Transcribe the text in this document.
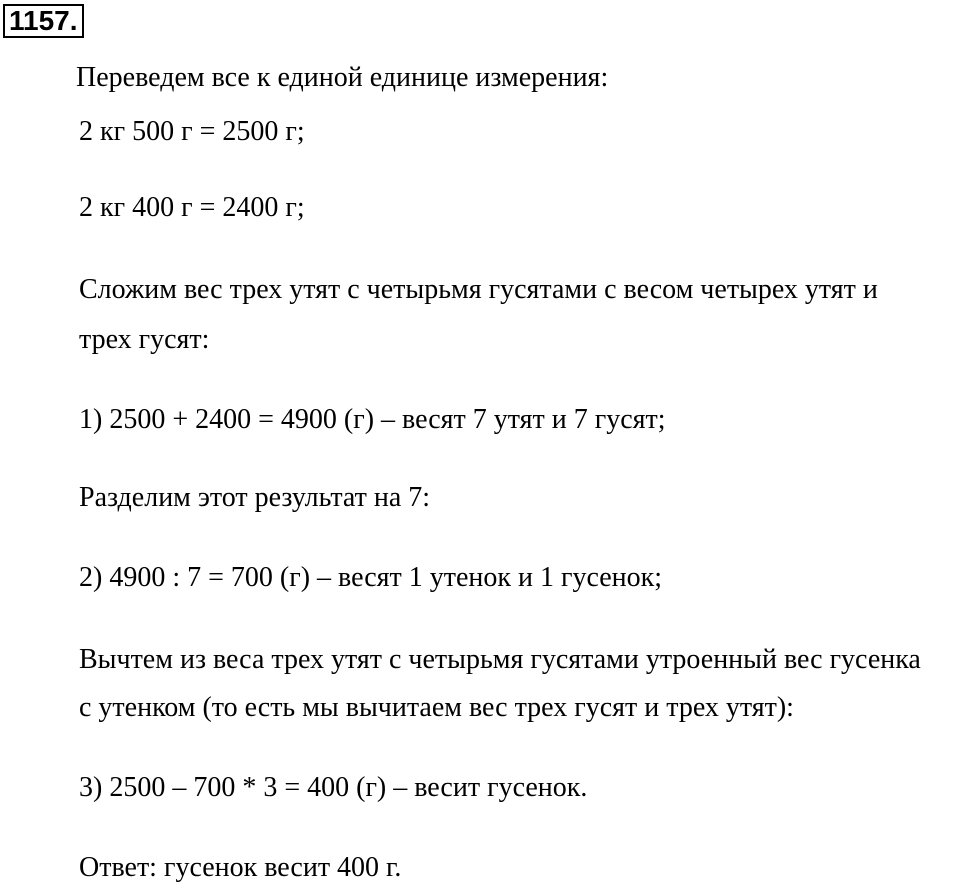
1157.
Переведем все к единой единице измерения:
2 кг 500 г = 2500 г;
2 кг 400 г = 2400 г;
Сложим вес трех утят с четырьмя гусятами с весом четырех утят и
трех гусят:
1) 2500 + 2400 = 4900 (г) – весят 7 утят и 7 гусят;
Разделим этот результат на 7:
2) 4900 : 7 = 700 (г) – весят 1 утенок и 1 гусенок;
Вычтем из веса трех утят с четырьмя гусятами утроенный вес гусенка
с утенком (то есть мы вычитаем вес трех гусят и трех утят):
3) 2500 – 700 * 3 = 400 (г) – весит гусенок.
Ответ: гусенок весит 400 г.
